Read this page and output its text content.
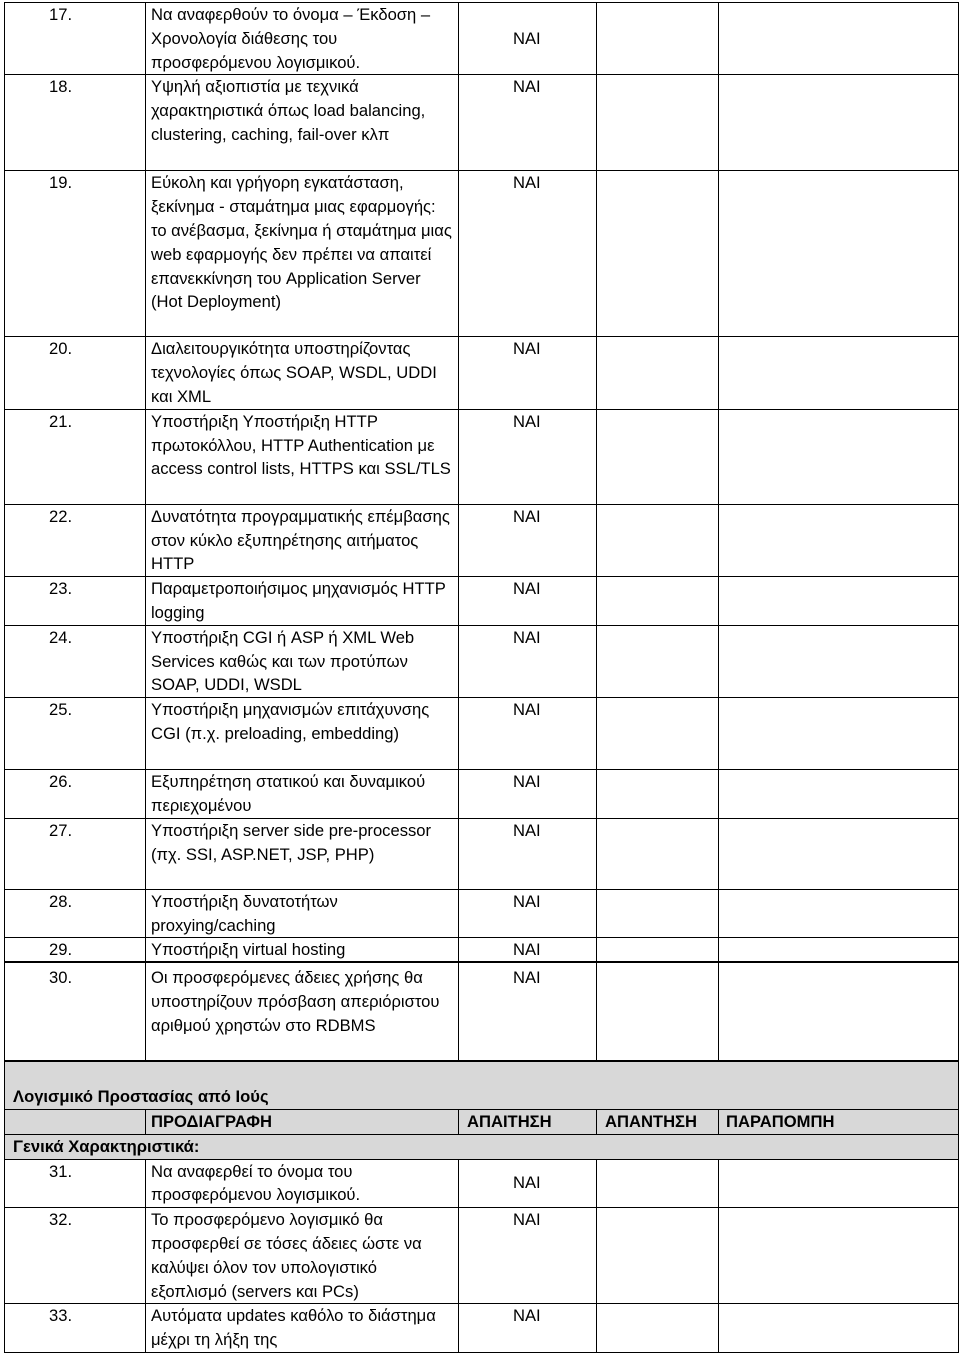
17.	Να αναφερθούν το όνομα – Έκδοση – Χρονολογία διάθεσης του προσφερόμενου λογισμικού.	ΝΑΙ		
18.	Υψηλή αξιοπιστία με τεχνικά χαρακτηριστικά όπως load balancing, clustering, caching, fail-over κλπ	ΝΑΙ		
19.	Εύκολη και γρήγορη εγκατάσταση, ξεκίνημα - σταμάτημα μιας εφαρμογής: το ανέβασμα, ξεκίνημα ή σταμάτημα μιας web εφαρμογής δεν πρέπει να απαιτεί επανεκκίνηση του Application Server (Hot Deployment)	ΝΑΙ		
20.	Διαλειτουργικότητα υποστηρίζοντας τεχνολογίες όπως SOAP, WSDL, UDDI και XML	ΝΑΙ		
21.	Υποστήριξη Υποστήριξη HTTP πρωτοκόλλου, HTTP Authentication με access control lists, HTTPS και SSL/TLS	ΝΑΙ		
22.	Δυνατότητα προγραμματικής επέμβασης στον κύκλο εξυπηρέτησης αιτήματος HTTP	ΝΑΙ		
23.	Παραμετροποιήσιμος μηχανισμός HTTP logging	ΝΑΙ		
24.	Υποστήριξη CGI ή ASP ή XML Web Services καθώς και των προτύπων SOAP, UDDI, WSDL	ΝΑΙ		
25.	Υποστήριξη μηχανισμών επιτάχυνσης CGI (π.χ. preloading, embedding)	ΝΑΙ		
26.	Εξυπηρέτηση στατικού και δυναμικού περιεχομένου	ΝΑΙ		
27.	Υποστήριξη server side pre-processor (πχ. SSI, ASP.NET, JSP, PHP)	ΝΑΙ		
28.	Υποστήριξη δυνατοτήτων proxying/caching	ΝΑΙ		
29.	Υποστήριξη virtual hosting	ΝΑΙ		
30.	Οι προσφερόμενες άδειες χρήσης θα υποστηρίζουν πρόσβαση απεριόριστου αριθμού χρηστών στο RDBMS	ΝΑΙ		
Λογισμικό Προστασίας από Ιούς				
	ΠΡΟΔΙΑΓΡΑΦΗ	ΑΠΑΙΤΗΣΗ	ΑΠΑΝΤΗΣΗ	ΠΑΡΑΠΟΜΠΗ
Γενικά Χαρακτηριστικά:				
31.	Να αναφερθεί το όνομα του προσφερόμενου λογισμικού.	ΝΑΙ		
32.	Το προσφερόμενο λογισμικό θα προσφερθεί σε τόσες άδειες ώστε να καλύψει όλον τον υπολογιστικό εξοπλισμό (servers και PCs)	ΝΑΙ		
33.	Αυτόματα updates καθόλο το διάστημα μέχρι τη λήξη της	ΝΑΙ		
